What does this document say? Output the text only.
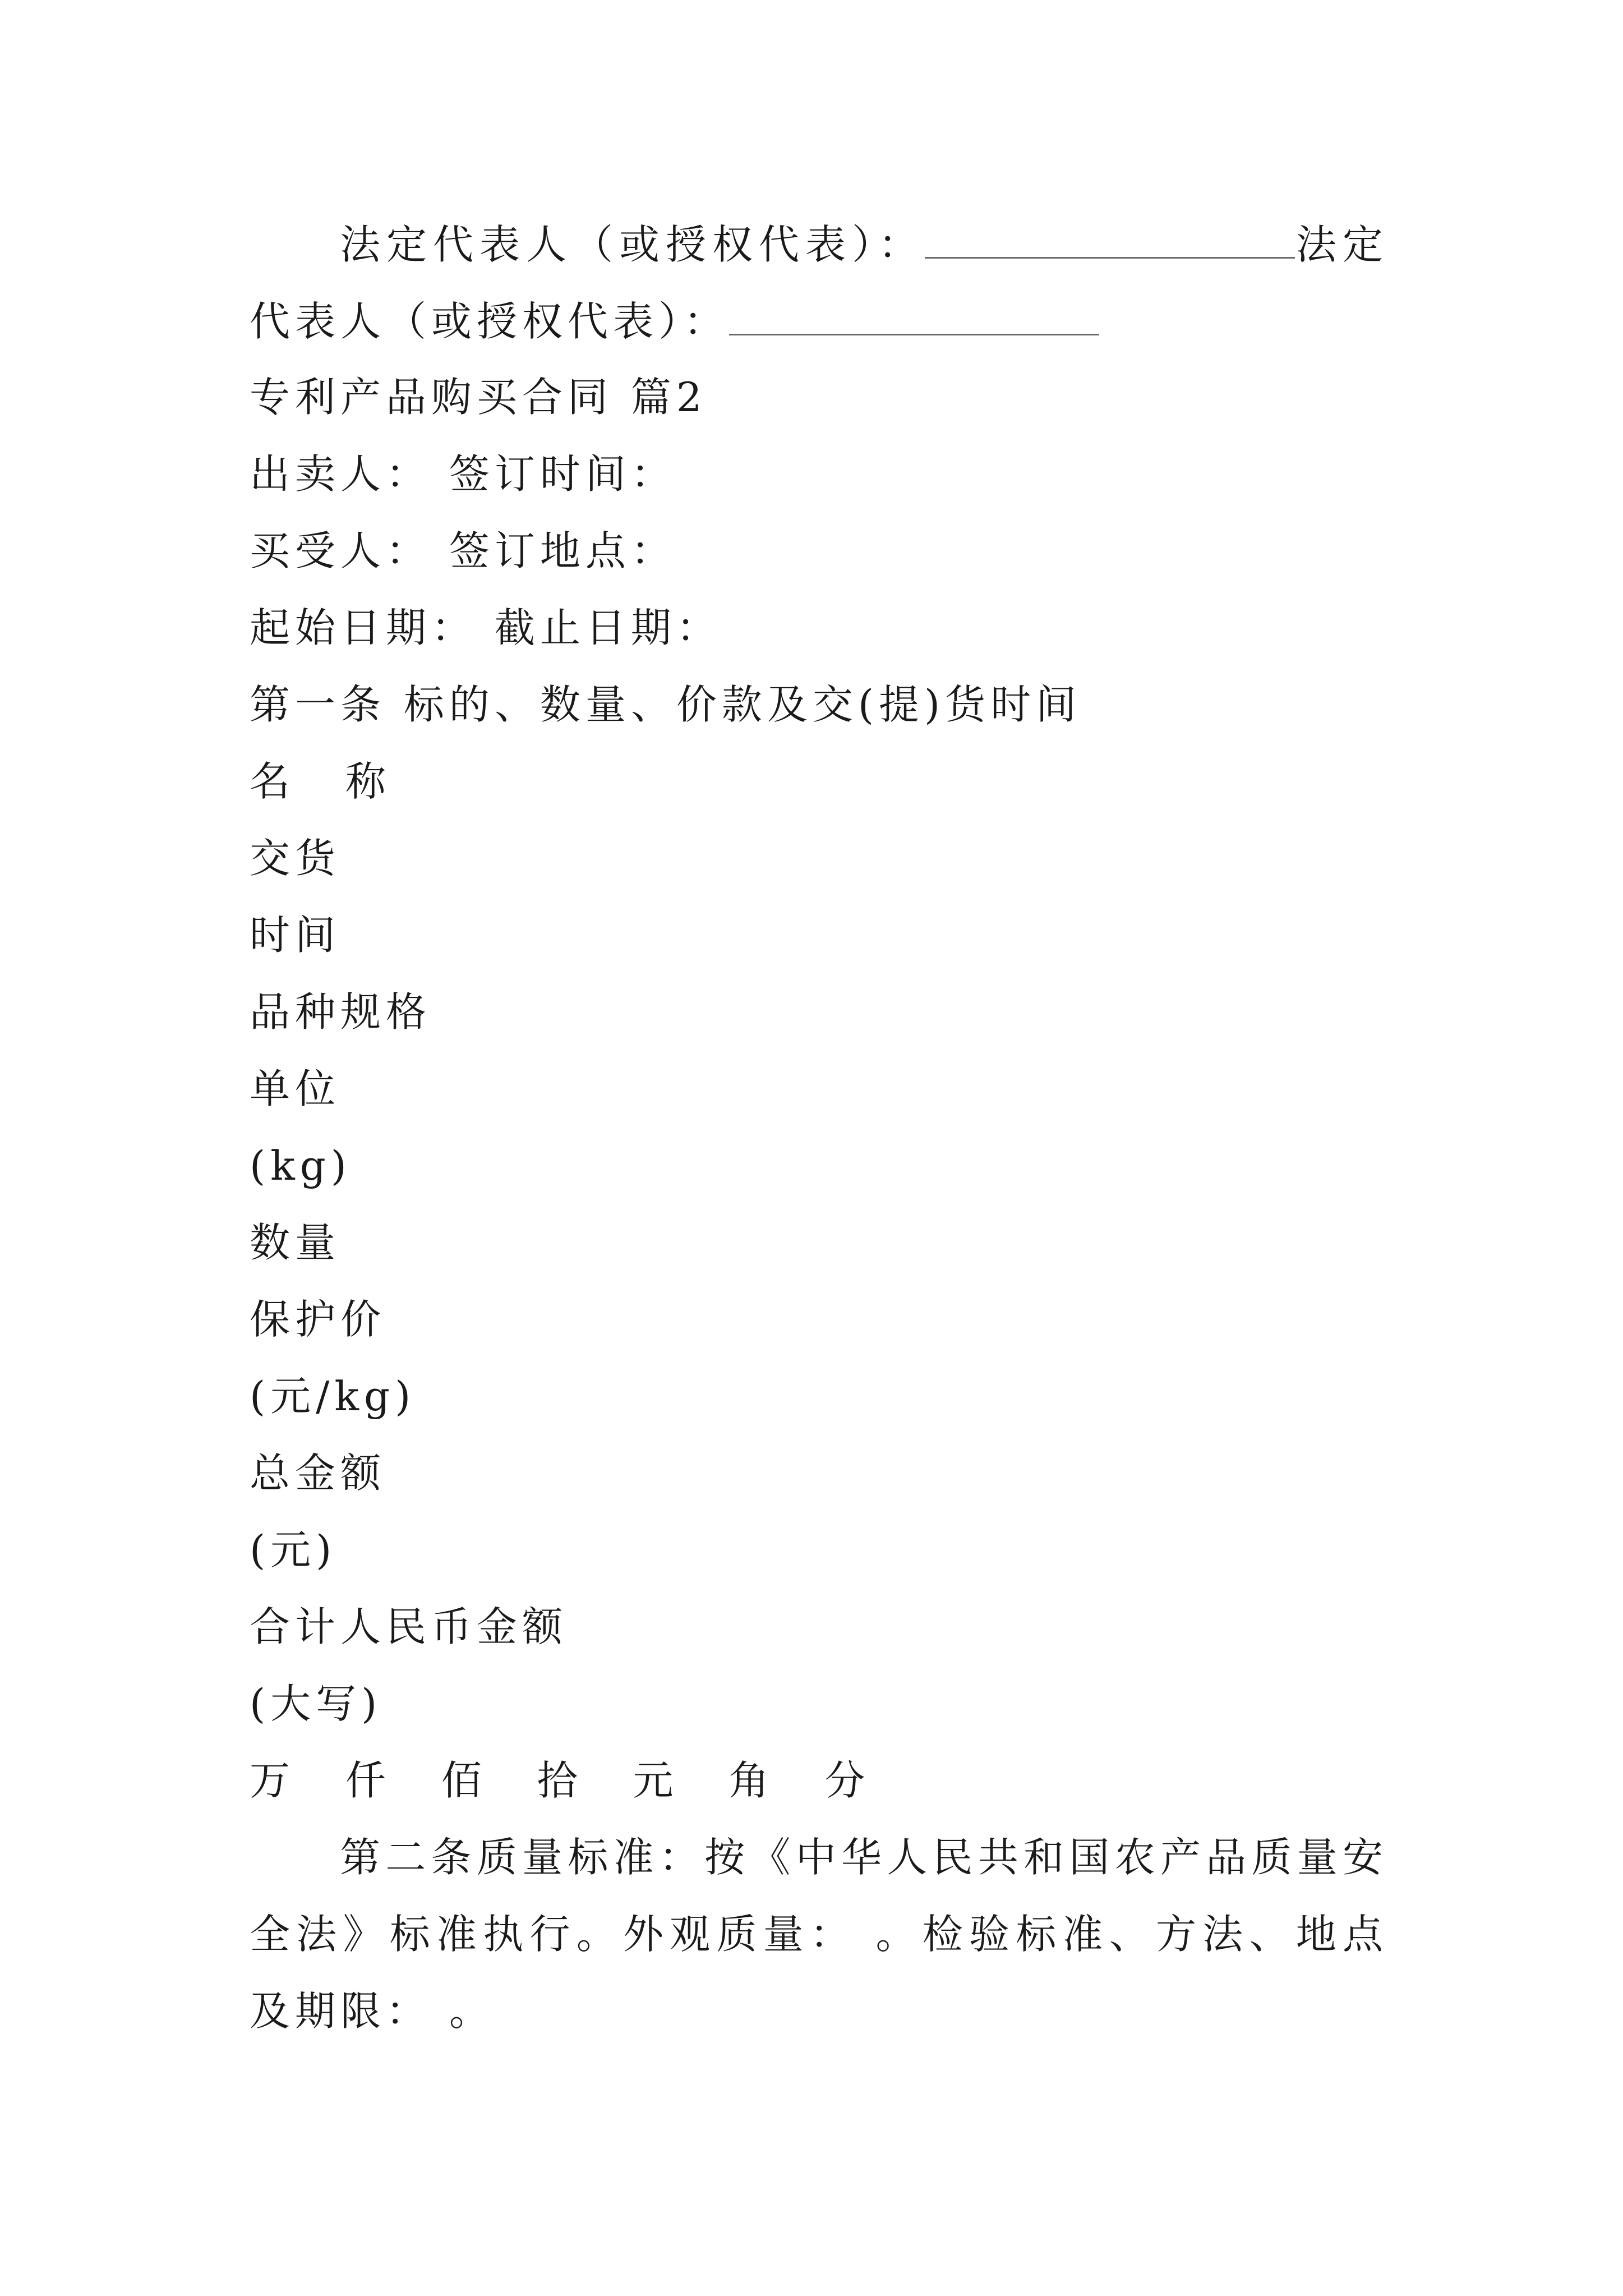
法定代表人（或授权代表）：	法定代表人（或授权代表）：

专利产品购买合同 篇2

出卖人： 签订时间：

买受人： 签订地点：

起始日期： 截止日期：

第一条 标的、数量、价款及交(提)货时间

名 称

交货

时间

品种规格

单位

(kg)

数量

保护价

(元/kg)

总金额

(元)

合计人民币金额

(大写)

万 仟 佰 拾 元 角 分

第二条质量标准：按《中华人民共和国农产品质量安全法》标准执行。外观质量： 。检验标准、方法、地点及期限： 。
